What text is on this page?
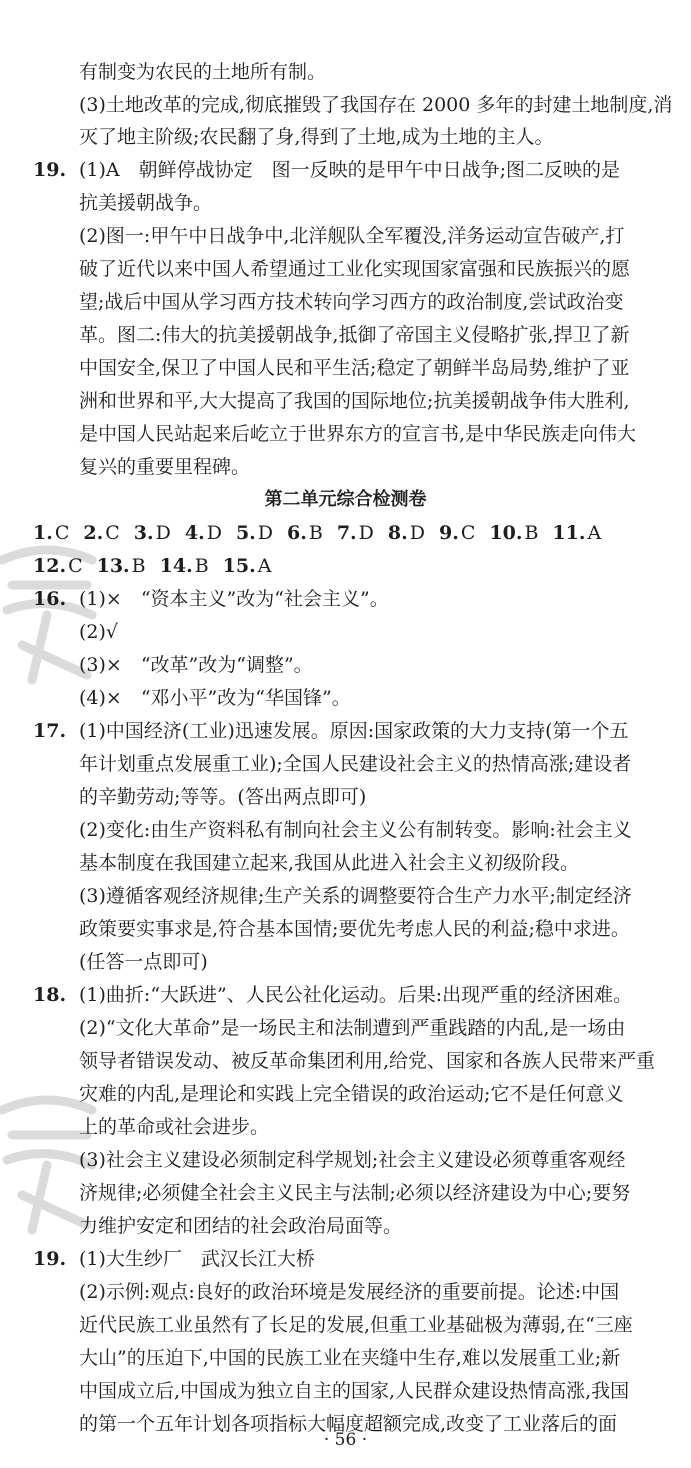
有制变为农民的土地所有制。
(3)土地改革的完成,彻底摧毁了我国存在 2000 多年的封建土地制度,消
灭了地主阶级;农民翻了身,得到了土地,成为土地的主人。
19. (1)A　朝鲜停战协定　图一反映的是甲午中日战争;图二反映的是
抗美援朝战争。
(2)图一:甲午中日战争中,北洋舰队全军覆没,洋务运动宣告破产,打
破了近代以来中国人希望通过工业化实现国家富强和民族振兴的愿
望;战后中国从学习西方技术转向学习西方的政治制度,尝试政治变
革。图二:伟大的抗美援朝战争,抵御了帝国主义侵略扩张,捍卫了新
中国安全,保卫了中国人民和平生活;稳定了朝鲜半岛局势,维护了亚
洲和世界和平,大大提高了我国的国际地位;抗美援朝战争伟大胜利,
是中国人民站起来后屹立于世界东方的宣言书,是中华民族走向伟大
复兴的重要里程碑。
第二单元综合检测卷
1. C 2. C 3. D 4. D 5. D 6. B 7. D 8. D 9. C 10. B 11. A
12. C 13. B 14. B 15. A
16. (1)×　“资本主义”改为“社会主义”。
(2)√
(3)×　“改革”改为“调整”。
(4)×　“邓小平”改为“华国锋”。
17. (1)中国经济(工业)迅速发展。原因:国家政策的大力支持(第一个五
年计划重点发展重工业);全国人民建设社会主义的热情高涨;建设者
的辛勤劳动;等等。(答出两点即可)
(2)变化:由生产资料私有制向社会主义公有制转变。影响:社会主义
基本制度在我国建立起来,我国从此进入社会主义初级阶段。
(3)遵循客观经济规律;生产关系的调整要符合生产力水平;制定经济
政策要实事求是,符合基本国情;要优先考虑人民的利益;稳中求进。
(任答一点即可)
18. (1)曲折:“大跃进”、人民公社化运动。后果:出现严重的经济困难。
(2)“文化大革命”是一场民主和法制遭到严重践踏的内乱,是一场由
领导者错误发动、被反革命集团利用,给党、国家和各族人民带来严重
灾难的内乱,是理论和实践上完全错误的政治运动;它不是任何意义
上的革命或社会进步。
(3)社会主义建设必须制定科学规划;社会主义建设必须尊重客观经
济规律;必须健全社会主义民主与法制;必须以经济建设为中心;要努
力维护安定和团结的社会政治局面等。
19. (1)大生纱厂　武汉长江大桥
(2)示例:观点:良好的政治环境是发展经济的重要前提。论述:中国
近代民族工业虽然有了长足的发展,但重工业基础极为薄弱,在“三座
大山”的压迫下,中国的民族工业在夹缝中生存,难以发展重工业;新
中国成立后,中国成为独立自主的国家,人民群众建设热情高涨,我国
的第一个五年计划各项指标大幅度超额完成,改变了工业落后的面
· 56 ·
